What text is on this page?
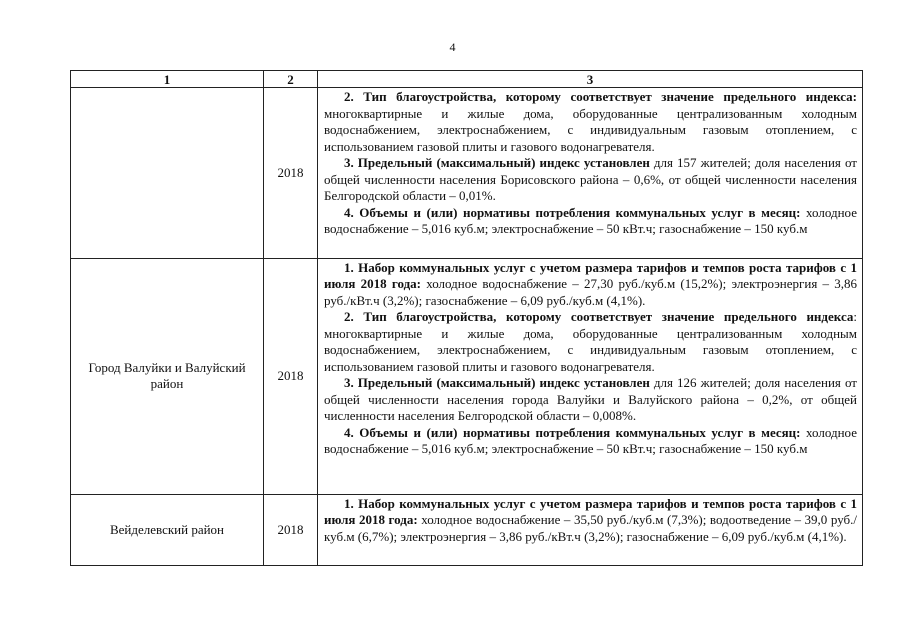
4
1	2	3
	2018	2. Тип благоустройства, которому соответствует значение предельного индекса: многоквартирные и жилые дома, оборудованные централизованным холодным водоснабжением, электроснабжением, с индивидуальным газовым отоплением, с использованием газовой плиты и газового водонагревателя.

3. Предельный (максимальный) индекс установлен для 157 жителей; доля населения от общей численности населения Борисовского района – 0,6%, от общей численности населения Белгородской области – 0,01%.

4. Объемы и (или) нормативы потребления коммунальных услуг в месяц: холодное водоснабжение – 5,016 куб.м; электроснабжение – 50 кВт.ч; газоснабжение – 150 куб.м

Город Валуйки и Валуйский район	2018	1. Набор коммунальных услуг с учетом размера тарифов и темпов роста тарифов с 1 июля 2018 года: холодное водоснабжение – 27,30 руб./куб.м (15,2%); электроэнергия – 3,86 руб./кВт.ч (3,2%); газоснабжение – 6,09 руб./куб.м (4,1%).

2. Тип благоустройства, которому соответствует значение предельного индекса: многоквартирные и жилые дома, оборудованные централизованным холодным водоснабжением, электроснабжением, с индивидуальным газовым отоплением, с использованием газовой плиты и газового водонагревателя.

3. Предельный (максимальный) индекс установлен для 126 жителей; доля населения от общей численности населения города Валуйки и Валуйского района – 0,2%, от общей численности населения Белгородской области – 0,008%.

4. Объемы и (или) нормативы потребления коммунальных услуг в месяц: холодное водоснабжение – 5,016 куб.м; электроснабжение – 50 кВт.ч; газоснабжение – 150 куб.м

Вейделевский район	2018	1. Набор коммунальных услуг с учетом размера тарифов и темпов роста тарифов с 1 июля 2018 года: холодное водоснабжение – 35,50 руб./куб.м (7,3%); водоотведение – 39,0 руб./куб.м (6,7%); электроэнергия – 3,86 руб./кВт.ч (3,2%); газоснабжение – 6,09 руб./куб.м (4,1%).
